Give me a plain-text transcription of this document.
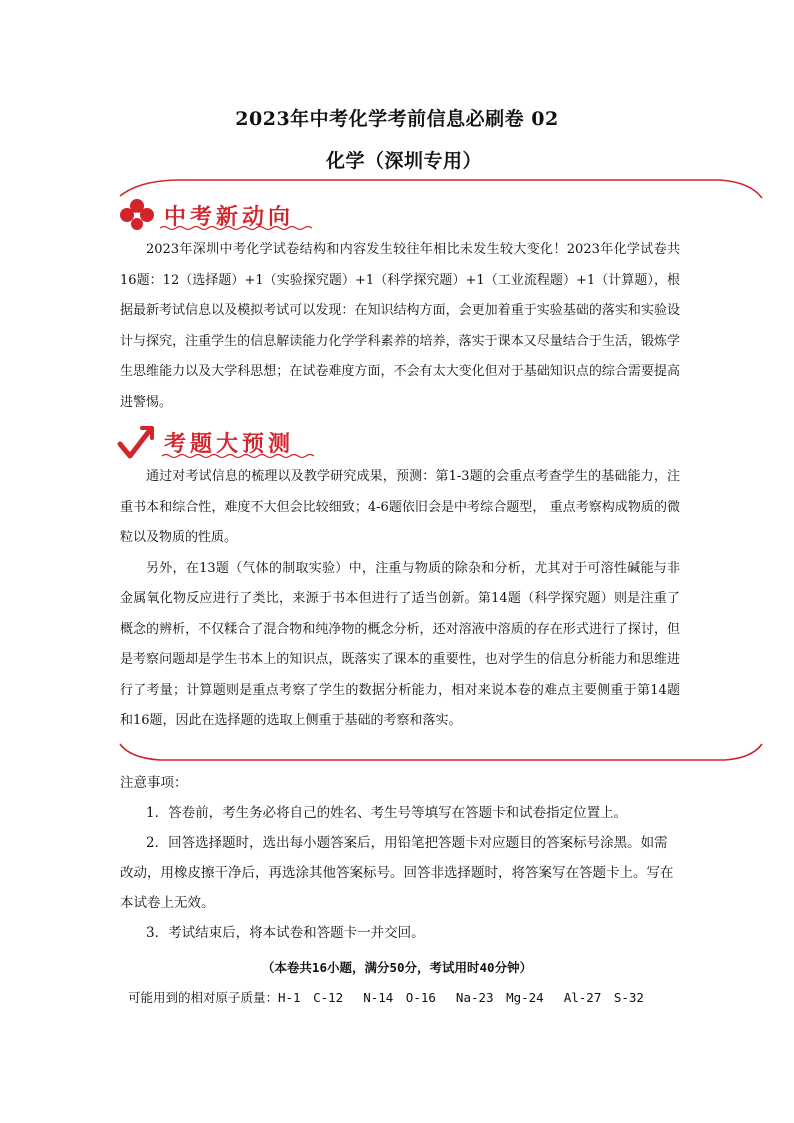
2023年中考化学考前信息必刷卷 02
化学（深圳专用）
中考新动向

2023年深圳中考化学试卷结构和内容发生较往年相比未发生较大变化！2023年化学试卷共16题：12（选择题）+1（实验探究题）+1（科学探究题）+1（工业流程题）+1（计算题），根据最新考试信息以及模拟考试可以发现：在知识结构方面，会更加着重于实验基础的落实和实验设计与探究，注重学生的信息解读能力化学学科素养的培养，落实于课本又尽量结合于生活，锻炼学生思维能力以及大学科思想；在试卷难度方面，不会有太大变化但对于基础知识点的综合需要提高进警惕。

考题大预测

通过对考试信息的梳理以及教学研究成果，预测：第1-3题的会重点考查学生的基础能力，注重书本和综合性，难度不大但会比较细致；4-6题依旧会是中考综合题型， 重点考察构成物质的微粒以及物质的性质。

另外，在13题（气体的制取实验）中，注重与物质的除杂和分析，尤其对于可溶性碱能与非金属氧化物反应进行了类比，来源于书本但进行了适当创新。第14题（科学探究题）则是注重了概念的辨析，不仅糅合了混合物和纯净物的概念分析，还对溶液中溶质的存在形式进行了探讨，但是考察问题却是学生书本上的知识点，既落实了课本的重要性，也对学生的信息分析能力和思维进行了考量；计算题则是重点考察了学生的数据分析能力，相对来说本卷的难点主要侧重于第14题和16题，因此在选择题的选取上侧重于基础的考察和落实。

注意事项：

1．答卷前，考生务必将自己的姓名、考生号等填写在答题卡和试卷指定位置上。

2．回答选择题时，选出每小题答案后，用铅笔把答题卡对应题目的答案标号涂黑。如需改动，用橡皮擦干净后，再选涂其他答案标号。回答非选择题时，将答案写在答题卡上。写在本试卷上无效。

3．考试结束后，将本试卷和答题卡一并交回。

（本卷共16小题，满分50分，考试用时40分钟）
可能用到的相对原子质量：H-1　C-12　 N-14　O-16　 Na-23　Mg-24　 Al-27　S-32
